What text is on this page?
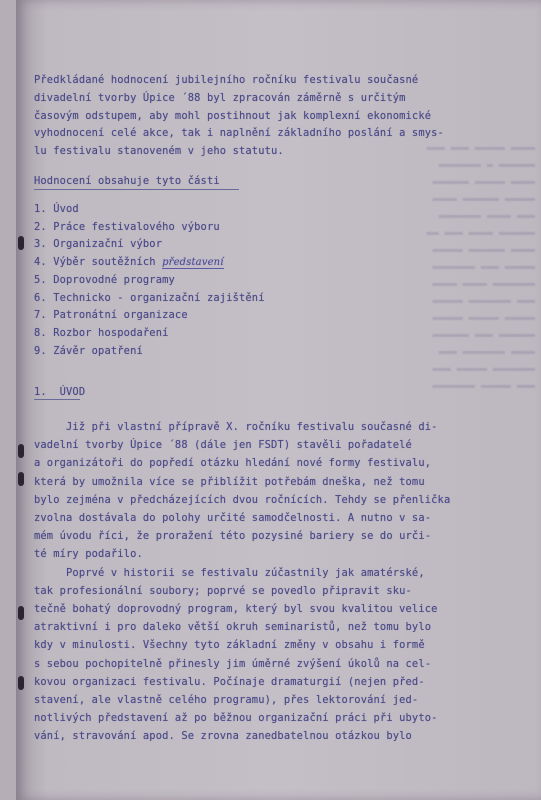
▬▬▬▬ ▬▬▬▬▬ ▬▬▬ ▬▬▬
▬▬▬▬▬▬ ▬ ▬▬▬▬▬▬▬
▬▬▬▬ ▬▬▬▬▬ ▬▬▬▬▬▬
▬▬▬▬▬ ▬▬▬▬▬▬ ▬▬▬▬
▬▬▬ ▬▬▬▬ ▬▬▬▬▬▬▬
▬▬▬▬▬▬ ▬▬▬▬ ▬▬▬ ▬▬
▬▬▬▬ ▬▬▬▬▬▬ ▬▬▬▬▬
▬▬▬▬▬ ▬▬▬ ▬▬▬▬▬▬▬
▬▬▬▬▬▬▬ ▬▬▬▬ ▬▬▬▬
▬▬▬ ▬▬▬▬▬▬▬ ▬▬▬▬▬
▬▬▬▬▬ ▬▬▬▬▬ ▬▬▬▬▬
▬▬▬▬▬▬ ▬▬▬ ▬▬▬▬▬▬
▬▬▬▬ ▬▬▬▬▬▬▬ ▬▬▬
▬▬▬▬▬▬▬ ▬▬▬▬▬ ▬▬▬
▬▬▬ ▬▬▬▬▬ ▬▬▬▬▬▬▬
Předkládané hodnocení jubilejního ročníku festivalu současné
divadelní tvorby Úpice ´88 byl zpracován záměrně s určitým
časovým odstupem, aby mohl postihnout jak komplexní ekonomické
vyhodnocení celé akce, tak i naplnění základního poslání a smys-
lu festivalu stanoveném v jeho statutu.
Hodnocení obsahuje tyto části
1. Úvod
2. Práce festivalového výboru
3. Organizační výbor
4. Výběr soutěžních představení
5. Doprovodné programy
6. Technicko - organizační zajištění
7. Patronátní organizace
8. Rozbor hospodaření
9. Závěr opatření
1.  ÚVOD
Již při vlastní přípravě X. ročníku festivalu současné di-
vadelní tvorby Úpice ´88 (dále jen FSDT) stavěli pořadatelé
a organizátoři do popředí otázku hledání nové formy festivalu,
která by umožnila více se přiblížit potřebám dneška, než tomu
bylo zejména v předcházejících dvou ročnících. Tehdy se přenlička
zvolna dostávala do polohy určité samodčelnosti. A nutno v sa-
mém úvodu říci, že proražení této pozysiné bariery se do urči-
té míry podařilo.
Poprvé v historii se festivalu zúčastnily jak amatérské,
tak profesionální soubory; poprvé se povedlo připravit sku-
tečně bohatý doprovodný program, který byl svou kvalitou velice
atraktivní i pro daleko větší okruh seminaristů, než tomu bylo
kdy v minulosti. Všechny tyto základní změny v obsahu i formě
s sebou pochopitelně přinesly jim úměrné zvýšení úkolů na cel-
kovou organizaci festivalu. Počínaje dramaturgií (nejen před-
stavení, ale vlastně celého programu), přes lektorování jed-
notlivých představení až po běžnou organizační práci při ubyto-
vání, stravování apod. Se zrovna zanedbatelnou otázkou bylo
